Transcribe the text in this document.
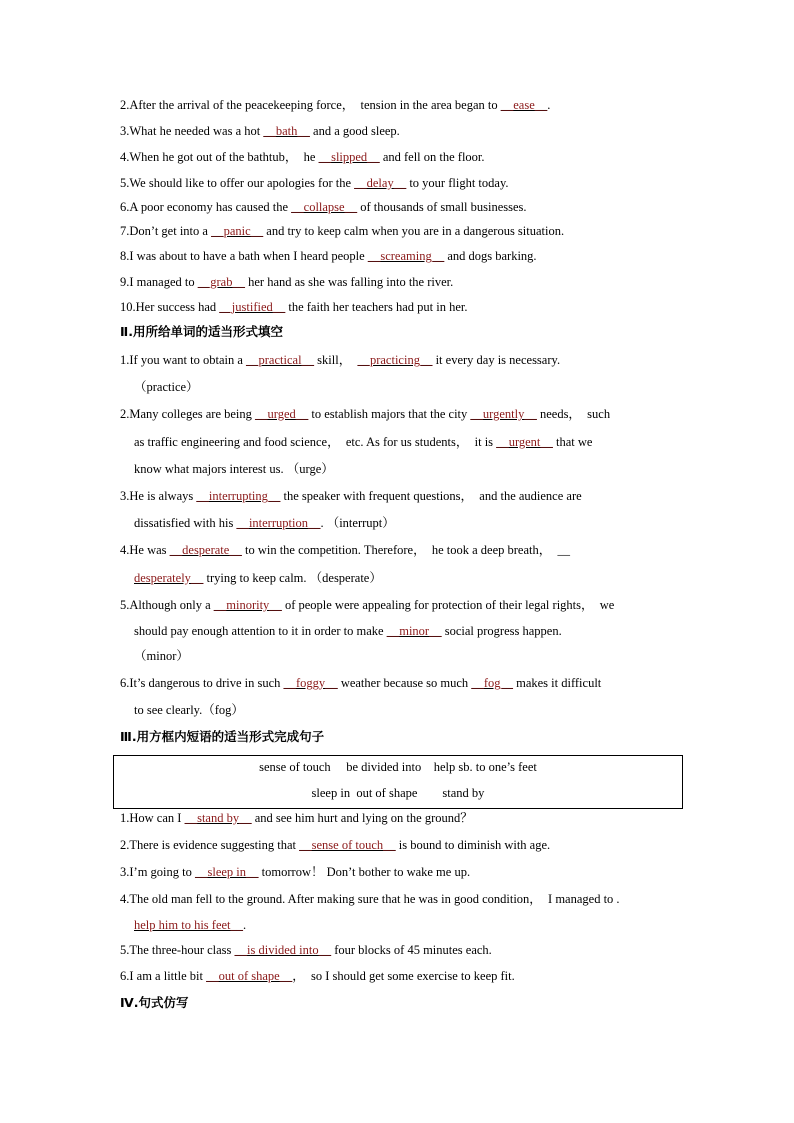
2.After the arrival of the peacekeeping force，  tension in the area began to __ease__.
3.What he needed was a hot __bath__ and a good sleep.
4.When he got out of the bathtub，  he __slipped__ and fell on the floor.
5.We should like to offer our apologies for the __delay__ to your flight today.
6.A poor economy has caused the __collapse__ of thousands of small businesses.
7.Don’t get into a __panic__ and try to keep calm when you are in a dangerous situation.
8.I was about to have a bath when I heard people __screaming__ and dogs barking.
9.I managed to __grab__ her hand as she was falling into the river.
10.Her success had __justified__ the faith her teachers had put in her.
Ⅱ.用所给单词的适当形式填空
1.If you want to obtain a __practical__ skill，  __practicing__ it every day is necessary.
（practice）
2.Many colleges are being __urged__ to establish majors that the city __urgently__ needs，  such
as traffic engineering and food science，  etc. As for us students，  it is __urgent__ that we
know what majors interest us. （urge）
3.He is always __interrupting__ the speaker with frequent questions，  and the audience are
dissatisfied with his __interruption__. （interrupt）
4.He was __desperate__ to win the competition. Therefore，  he took a deep breath，  __
desperately__ trying to keep calm. （desperate）
5.Although only a __minority__ of people were appealing for protection of their legal rights，  we
should pay enough attention to it in order to make __minor__ social progress happen.
（minor）
6.It’s dangerous to drive in such __foggy__ weather because so much __fog__ makes it difficult
to see clearly.（fog）
Ⅲ.用方框内短语的适当形式完成句子
sense of touch     be divided into    help sb. to one’s feet
sleep in  out of shape        stand by
1.How can I __stand by__ and see him hurt and lying on the ground？
2.There is evidence suggesting that __sense of touch__ is bound to diminish with age.
3.I’m going to __sleep in__ tomorrow！ Don’t bother to wake me up.
4.The old man fell to the ground. After making sure that he was in good condition，  I managed to .
help him to his feet__.
5.The three-hour class __is divided into__ four blocks of 45 minutes each.
6.I am a little bit __out of shape__，  so I should get some exercise to keep fit.
Ⅳ.句式仿写
